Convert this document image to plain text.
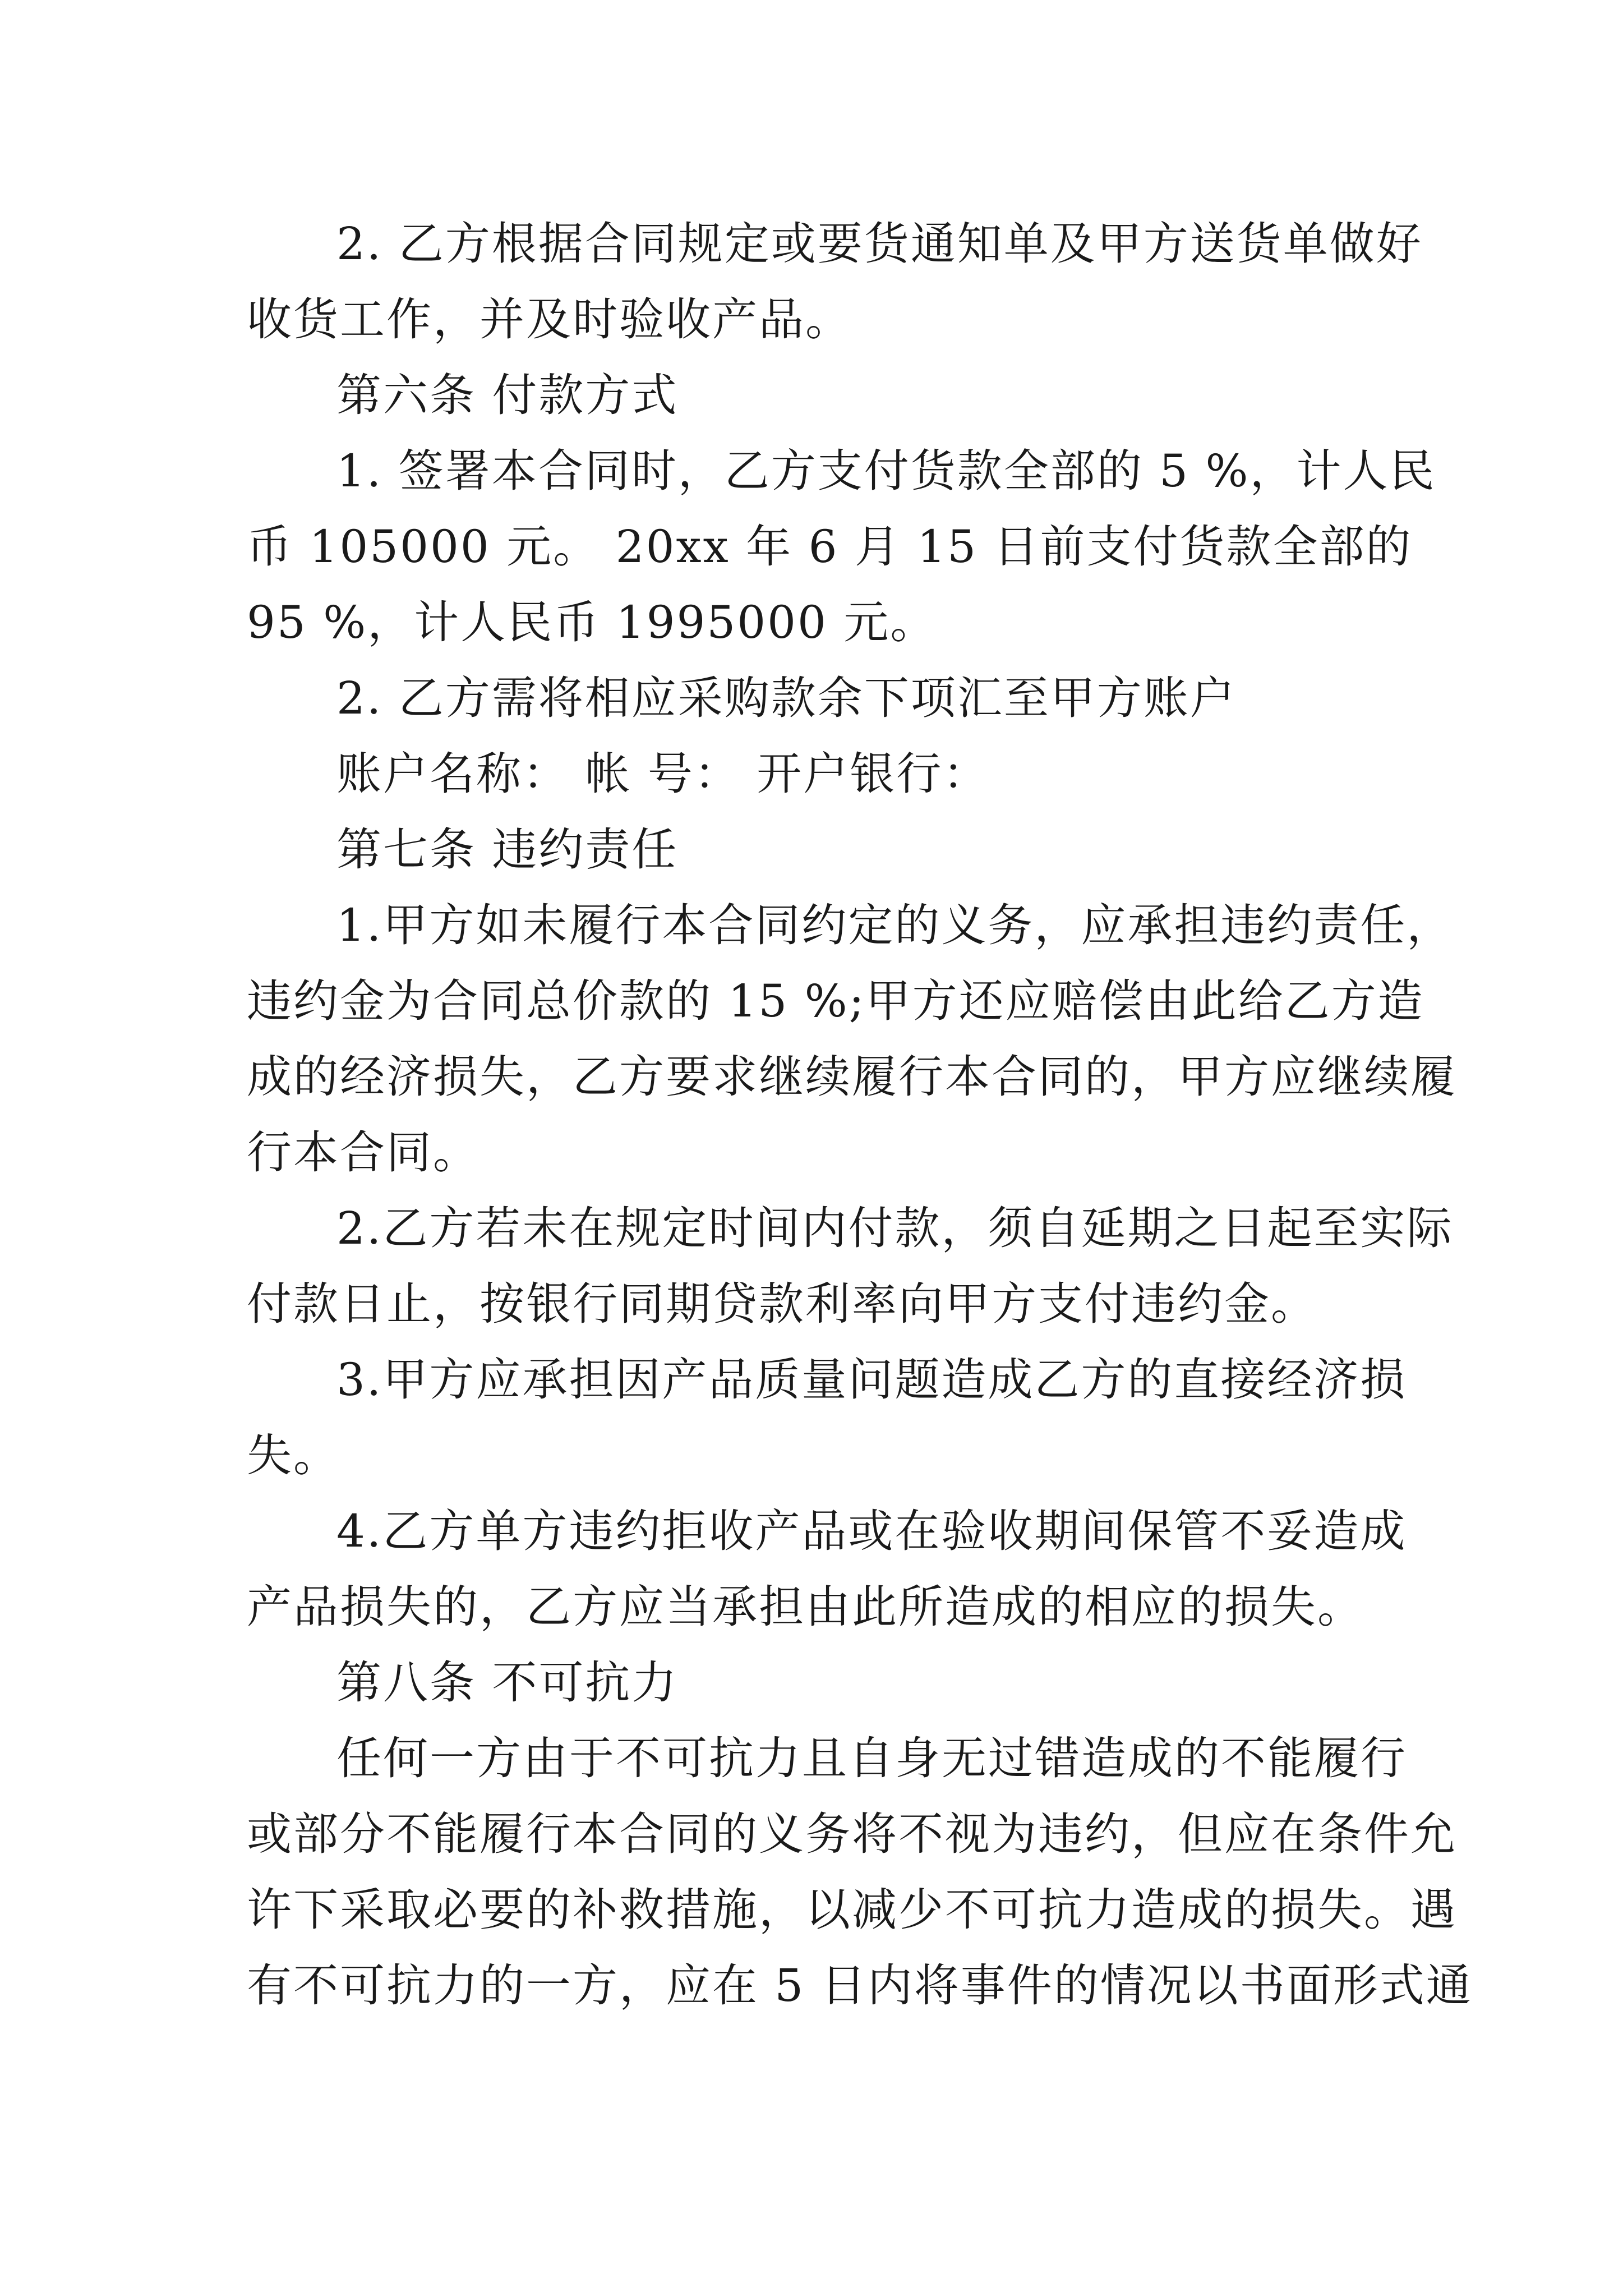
2. 乙方根据合同规定或要货通知单及甲方送货单做好
收货工作，并及时验收产品。
第六条 付款方式
1. 签署本合同时，乙方支付货款全部的 5 %，计人民
币 105000 元。 20xx 年 6 月 15 日前支付货款全部的
95 %，计人民币 1995000 元。
2. 乙方需将相应采购款余下项汇至甲方账户
账户名称： 帐 号： 开户银行：
第七条 违约责任
1.甲方如未履行本合同约定的义务，应承担违约责任，
违约金为合同总价款的 15 %;甲方还应赔偿由此给乙方造
成的经济损失，乙方要求继续履行本合同的，甲方应继续履
行本合同。
2.乙方若未在规定时间内付款，须自延期之日起至实际
付款日止，按银行同期贷款利率向甲方支付违约金。
3.甲方应承担因产品质量问题造成乙方的直接经济损
失。
4.乙方单方违约拒收产品或在验收期间保管不妥造成
产品损失的，乙方应当承担由此所造成的相应的损失。
第八条 不可抗力
任何一方由于不可抗力且自身无过错造成的不能履行
或部分不能履行本合同的义务将不视为违约，但应在条件允
许下采取必要的补救措施，以减少不可抗力造成的损失。遇
有不可抗力的一方，应在 5 日内将事件的情况以书面形式通
